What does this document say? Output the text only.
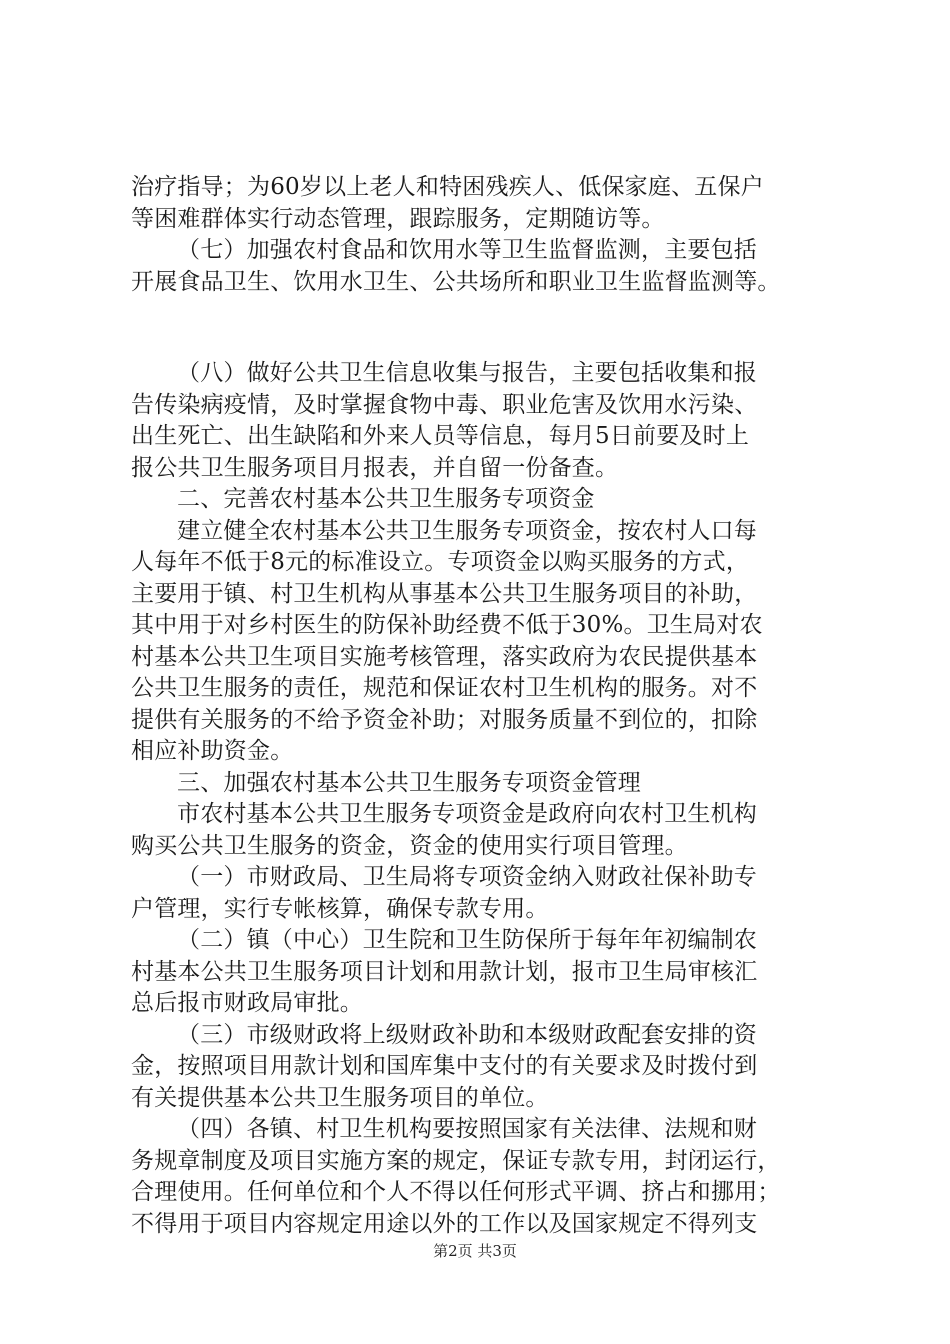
治疗指导；为60岁以上老人和特困残疾人、低保家庭、五保户
等困难群体实行动态管理，跟踪服务，定期随访等。
（七）加强农村食品和饮用水等卫生监督监测，主要包括
开展食品卫生、饮用水卫生、公共场所和职业卫生监督监测等。
（八）做好公共卫生信息收集与报告，主要包括收集和报
告传染病疫情，及时掌握食物中毒、职业危害及饮用水污染、
出生死亡、出生缺陷和外来人员等信息，每月5日前要及时上
报公共卫生服务项目月报表，并自留一份备查。
二、完善农村基本公共卫生服务专项资金
建立健全农村基本公共卫生服务专项资金，按农村人口每
人每年不低于8元的标准设立。专项资金以购买服务的方式，
主要用于镇、村卫生机构从事基本公共卫生服务项目的补助，
其中用于对乡村医生的防保补助经费不低于30%。卫生局对农
村基本公共卫生项目实施考核管理，落实政府为农民提供基本
公共卫生服务的责任，规范和保证农村卫生机构的服务。对不
提供有关服务的不给予资金补助；对服务质量不到位的，扣除
相应补助资金。
三、加强农村基本公共卫生服务专项资金管理
市农村基本公共卫生服务专项资金是政府向农村卫生机构
购买公共卫生服务的资金，资金的使用实行项目管理。
（一）市财政局、卫生局将专项资金纳入财政社保补助专
户管理，实行专帐核算，确保专款专用。
（二）镇（中心）卫生院和卫生防保所于每年年初编制农
村基本公共卫生服务项目计划和用款计划，报市卫生局审核汇
总后报市财政局审批。
（三）市级财政将上级财政补助和本级财政配套安排的资
金，按照项目用款计划和国库集中支付的有关要求及时拨付到
有关提供基本公共卫生服务项目的单位。
（四）各镇、村卫生机构要按照国家有关法律、法规和财
务规章制度及项目实施方案的规定，保证专款专用，封闭运行，
合理使用。任何单位和个人不得以任何形式平调、挤占和挪用；
不得用于项目内容规定用途以外的工作以及国家规定不得列支
第2页 共3页
